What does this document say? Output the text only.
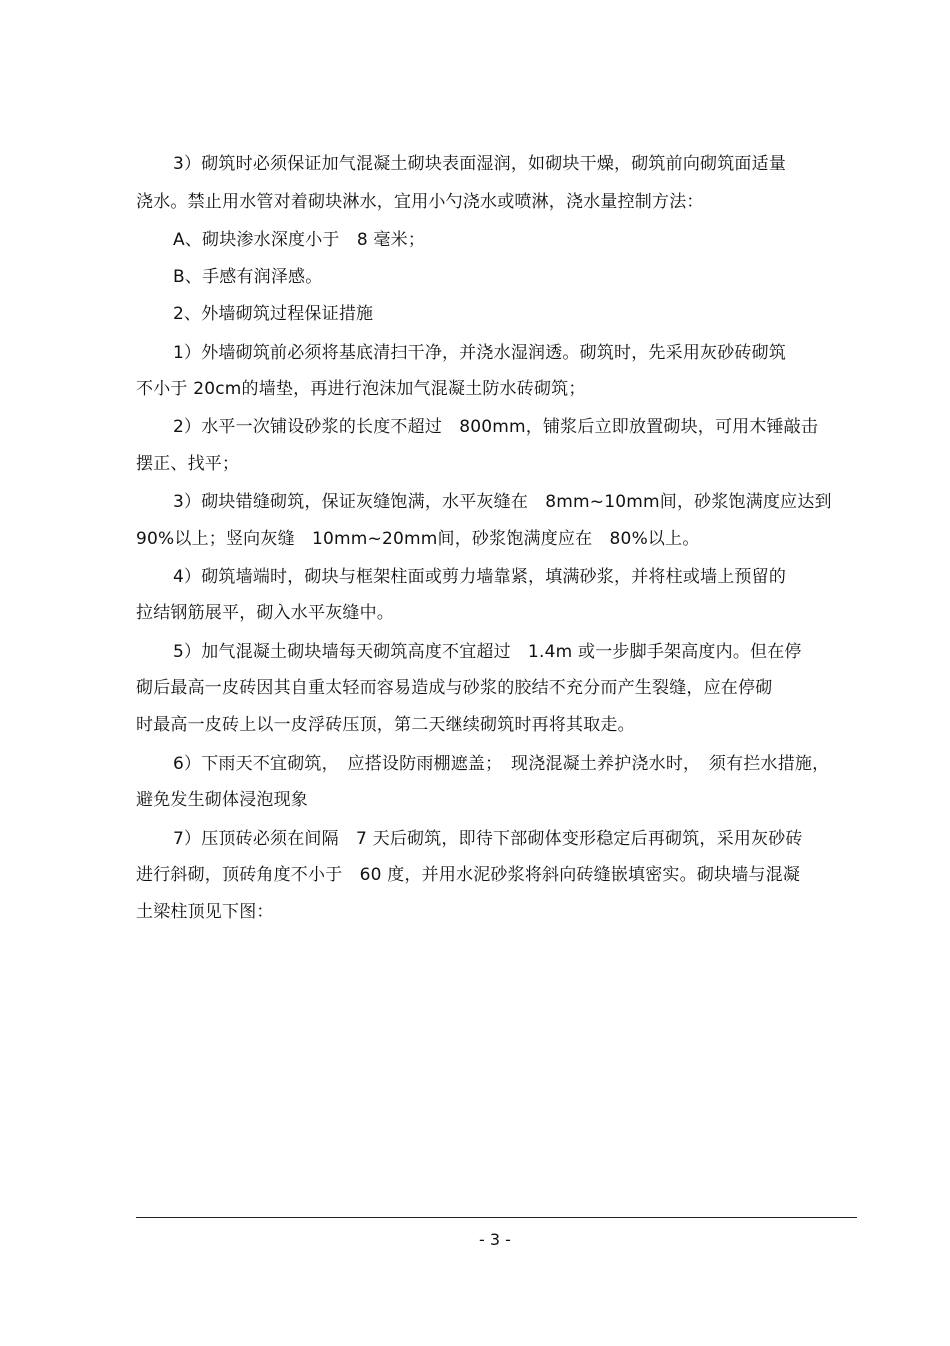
3）砌筑时必须保证加气混凝土砌块表面湿润，如砌块干燥，砌筑前向砌筑面适量

浇水。禁止用水管对着砌块淋水，宜用小勺浇水或喷淋，浇水量控制方法：

A、砌块渗水深度小于　8 毫米；

B、手感有润泽感。

2、外墙砌筑过程保证措施

1）外墙砌筑前必须将基底清扫干净，并浇水湿润透。砌筑时，先采用灰砂砖砌筑

不小于 20cm的墙垫，再进行泡沫加气混凝土防水砖砌筑；

2）水平一次铺设砂浆的长度不超过　800mm，铺浆后立即放置砌块，可用木锤敲击

摆正、找平；

3）砌块错缝砌筑，保证灰缝饱满，水平灰缝在　8mm~10mm间，砂浆饱满度应达到

90%以上；竖向灰缝　10mm~20mm间，砂浆饱满度应在　80%以上。

4）砌筑墙端时，砌块与框架柱面或剪力墙靠紧，填满砂浆，并将柱或墙上预留的

拉结钢筋展平，砌入水平灰缝中。

5）加气混凝土砌块墙每天砌筑高度不宜超过　1.4m 或一步脚手架高度内。但在停

砌后最高一皮砖因其自重太轻而容易造成与砂浆的胶结不充分而产生裂缝，应在停砌

时最高一皮砖上以一皮浮砖压顶，第二天继续砌筑时再将其取走。

6）下雨天不宜砌筑，　应搭设防雨棚遮盖；　现浇混凝土养护浇水时，　须有拦水措施，

避免发生砌体浸泡现象

7）压顶砖必须在间隔　7 天后砌筑，即待下部砌体变形稳定后再砌筑，采用灰砂砖

进行斜砌，顶砖角度不小于　60 度，并用水泥砂浆将斜向砖缝嵌填密实。砌块墙与混凝

土梁柱顶见下图：

- 3 -
